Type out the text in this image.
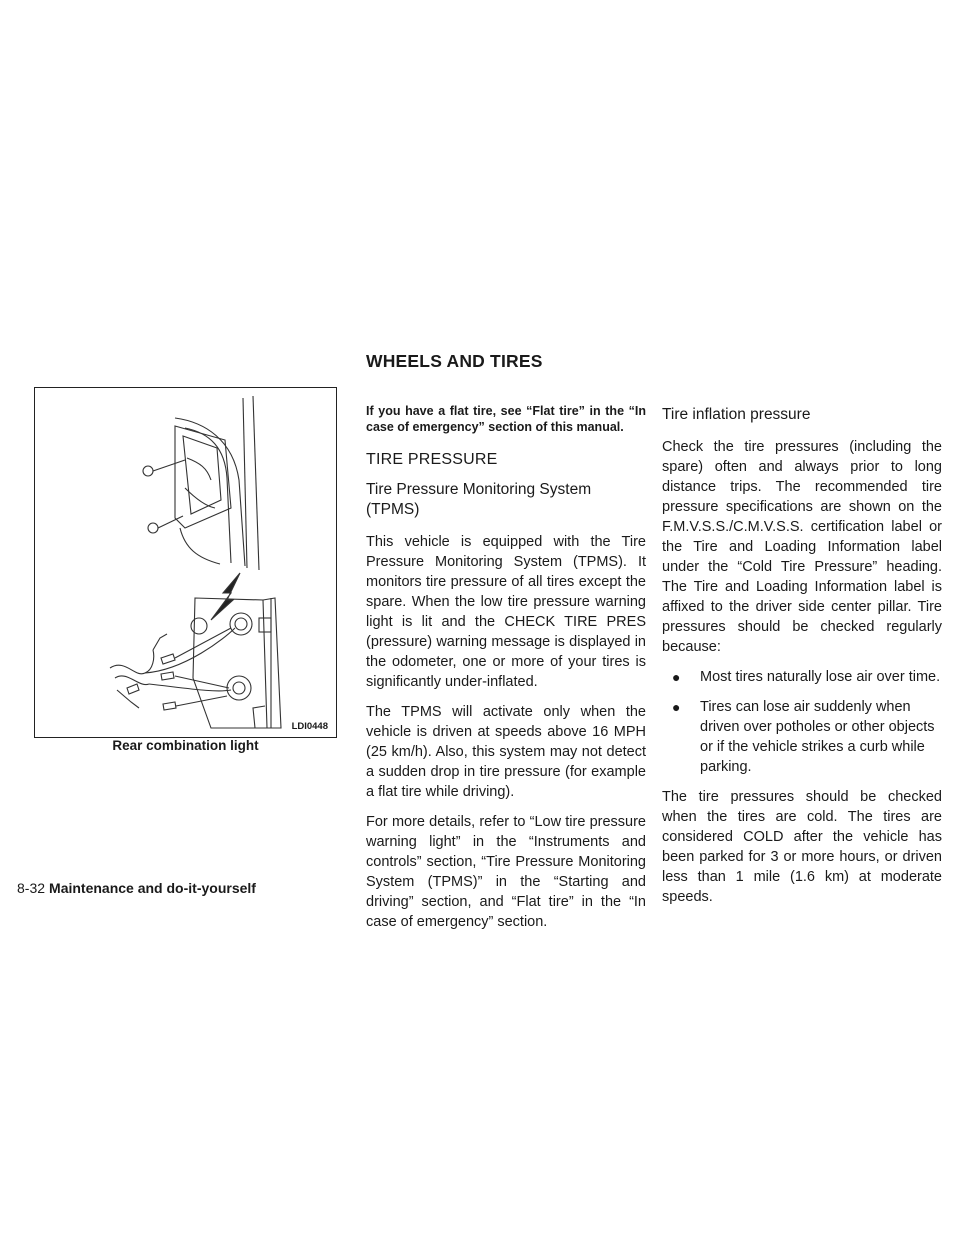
WHEELS AND TIRES
LDI0448
Rear combination light

If you have a flat tire, see “Flat tire” in the “In case of emergency” section of this manual.

TIRE PRESSURE
Tire Pressure Monitoring System (TPMS)

This vehicle is equipped with the Tire Pressure Monitoring System (TPMS). It monitors tire pressure of all tires except the spare. When the low tire pressure warning light is lit and the CHECK TIRE PRES (pressure) warning message is displayed in the odometer, one or more of your tires is significantly under-inflated.

The TPMS will activate only when the vehicle is driven at speeds above 16 MPH (25 km/h). Also, this system may not detect a sudden drop in tire pressure (for example a flat tire while driving).

For more details, refer to “Low tire pressure warning light” in the “Instruments and controls” section, “Tire Pressure Monitoring System (TPMS)” in the “Starting and driving” section, and “Flat tire” in the “In case of emergency” section.

Tire inflation pressure

Check the tire pressures (including the spare) often and always prior to long distance trips. The recommended tire pressure specifications are shown on the F.M.V.S.S./C.M.V.S.S. certification label or the Tire and Loading Information label under the “Cold Tire Pressure” heading. The Tire and Loading Information label is affixed to the driver side center pillar. Tire pressures should be checked regularly because:

● Most tires naturally lose air over time.
● Tires can lose air suddenly when driven over potholes or other objects or if the vehicle strikes a curb while parking.

The tire pressures should be checked when the tires are cold. The tires are considered COLD after the vehicle has been parked for 3 or more hours, or driven less than 1 mile (1.6 km) at moderate speeds.

8-32 Maintenance and do-it-yourself
